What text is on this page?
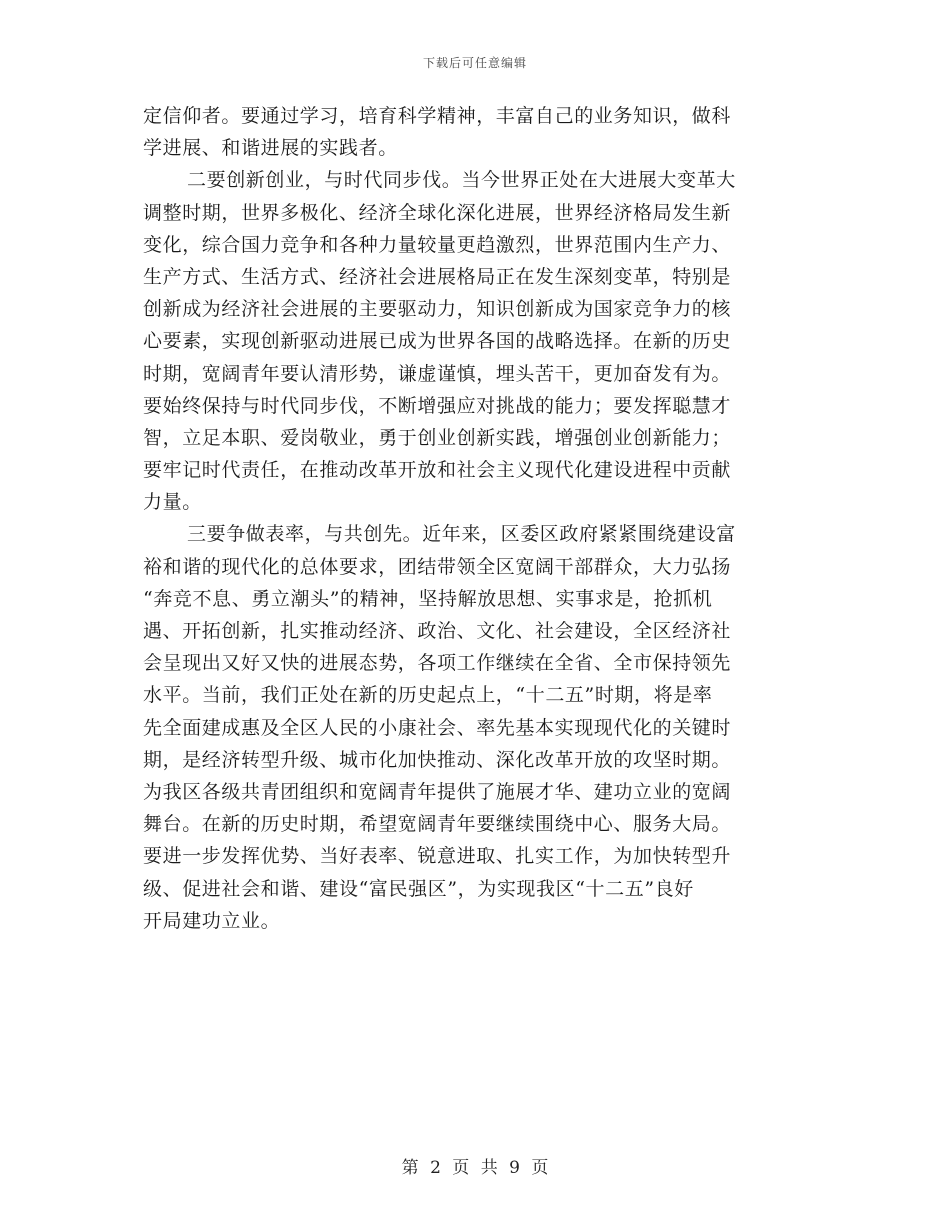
下载后可任意编辑
定信仰者。要通过学习，培育科学精神，丰富自己的业务知识，做科
学进展、和谐进展的实践者。
二要创新创业，与时代同步伐。当今世界正处在大进展大变革大
调整时期，世界多极化、经济全球化深化进展，世界经济格局发生新
变化，综合国力竞争和各种力量较量更趋激烈，世界范围内生产力、
生产方式、生活方式、经济社会进展格局正在发生深刻变革，特别是
创新成为经济社会进展的主要驱动力，知识创新成为国家竞争力的核
心要素，实现创新驱动进展已成为世界各国的战略选择。在新的历史
时期，宽阔青年要认清形势，谦虚谨慎，埋头苦干，更加奋发有为。
要始终保持与时代同步伐，不断增强应对挑战的能力；要发挥聪慧才
智，立足本职、爱岗敬业，勇于创业创新实践，增强创业创新能力；
要牢记时代责任，在推动改革开放和社会主义现代化建设进程中贡献
力量。
三要争做表率，与共创先。近年来，区委区政府紧紧围绕建设富
裕和谐的现代化的总体要求，团结带领全区宽阔干部群众，大力弘扬
“奔竞不息、勇立潮头”的精神，坚持解放思想、实事求是，抢抓机
遇、开拓创新，扎实推动经济、政治、文化、社会建设，全区经济社
会呈现出又好又快的进展态势，各项工作继续在全省、全市保持领先
水平。当前，我们正处在新的历史起点上，“十二五”时期，将是率
先全面建成惠及全区人民的小康社会、率先基本实现现代化的关键时
期，是经济转型升级、城市化加快推动、深化改革开放的攻坚时期。
为我区各级共青团组织和宽阔青年提供了施展才华、建功立业的宽阔
舞台。在新的历史时期，希望宽阔青年要继续围绕中心、服务大局。
要进一步发挥优势、当好表率、锐意进取、扎实工作，为加快转型升
级、促进社会和谐、建设“富民强区”，为实现我区“十二五”良好
开局建功立业。
第 2 页 共 9 页
